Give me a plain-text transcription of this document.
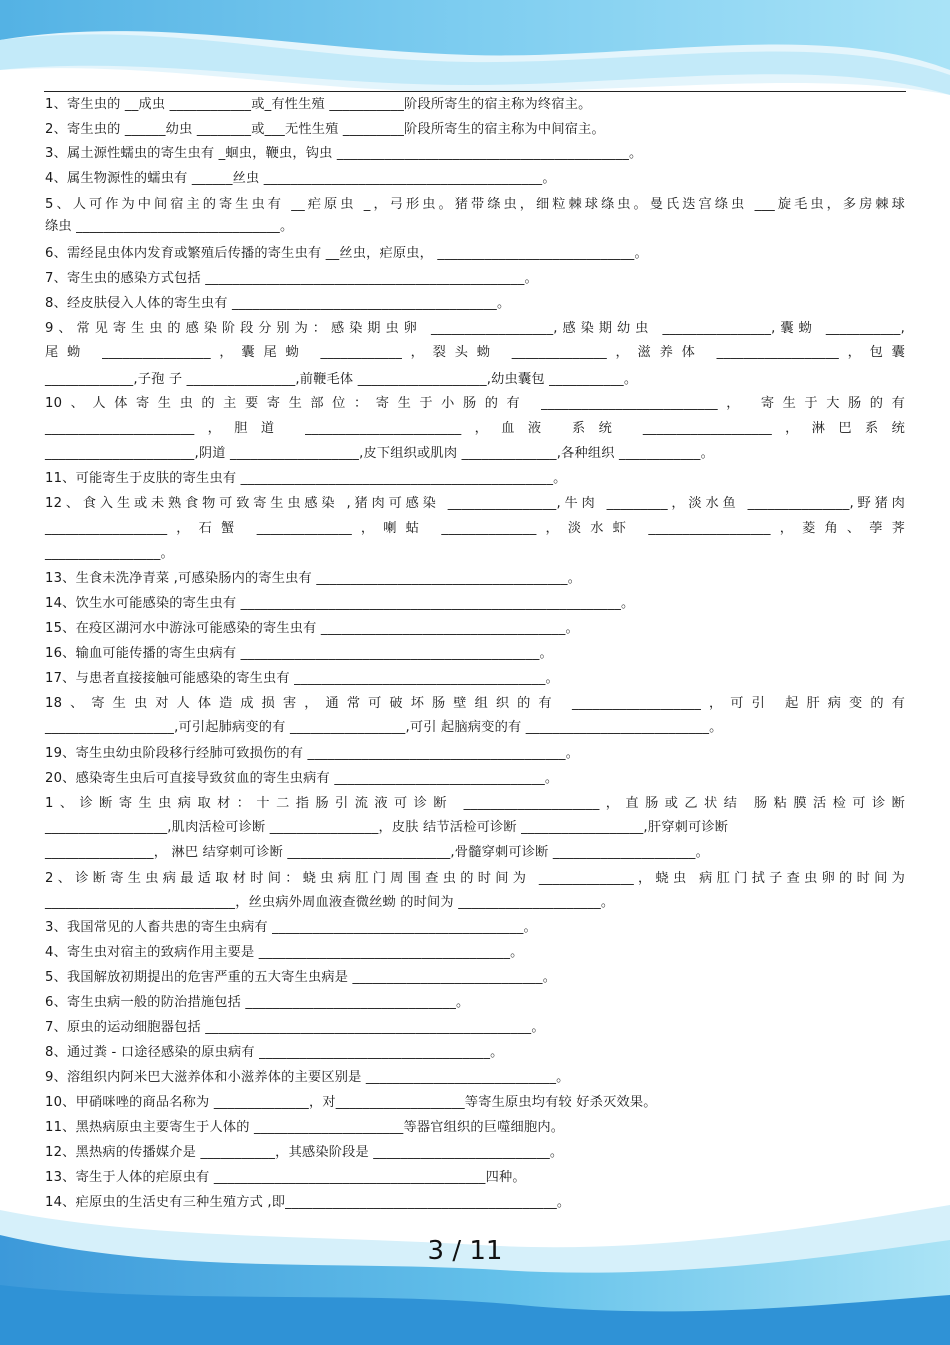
1、寄生虫的 __成虫 ____________或_有性生殖 ___________阶段所寄生的宿主称为终宿主。
2、寄生虫的 ______幼虫 ________或___无性生殖 _________阶段所寄生的宿主称为中间宿主。
3、属土源性蠕虫的寄生虫有 _蛔虫，鞭虫，钩虫 ___________________________________________。
4、属生物源性的蠕虫有 ______丝虫 _________________________________________。
5、人可作为中间宿主的寄生虫有 __疟原虫 _，弓形虫。猪带绦虫，细粒棘球绦虫。曼氏迭宫绦虫 ___旋毛虫，多房棘球
绦虫 ______________________________。
6、需经昆虫体内发育或繁殖后传播的寄生虫有 __丝虫，疟原虫， _____________________________。
7、寄生虫的感染方式包括 _______________________________________________。
8、经皮肤侵入人体的寄生虫有 _______________________________________。
9、常见寄生虫的感染阶段分别为：感染期虫卵 __________________,感染期幼虫 ________________,囊蚴 ___________,
尾蚴 ________________，囊尾蚴 ____________，裂头蚴 ______________，滋养体 __________________，包囊
_____________,子孢 子 ________________,前鞭毛体 ___________________,幼虫囊包 ___________。
10、人体寄生虫的主要寄生部位：寄生于小肠的有 __________________________， 寄生于大肠的有
______________________，胆道 _______________________，血液 系统 ___________________，淋巴系统
______________________,阴道 ___________________,皮下组织或肌肉 ______________,各种组织 ____________。
11、可能寄生于皮肤的寄生虫有 ______________________________________________。
12、食入生或未熟食物可致寄生虫感染 ,猪肉可感染 ________________,牛肉 _________，淡水鱼 _______________,野猪肉
__________________，石蟹 ______________，喇蛄 ______________，淡水虾 __________________，菱角、荸荠
_________________。
13、生食未洗净青菜 ,可感染肠内的寄生虫有 _____________________________________。
14、饮生水可能感染的寄生虫有 ________________________________________________________。
15、在疫区湖河水中游泳可能感染的寄生虫有 ____________________________________。
16、输血可能传播的寄生虫病有 ____________________________________________。
17、与患者直接接触可能感染的寄生虫有 _____________________________________。
18、寄生虫对人体造成损害，通常可破坏肠壁组织的有 ___________________，可引 起肝病变的有
___________________,可引起肺病变的有 _________________,可引 起脑病变的有 ___________________________。
19、寄生虫幼虫阶段移行经肺可致损伤的有 ______________________________________。
20、感染寄生虫后可直接导致贫血的寄生虫病有 _______________________________。
1、诊断寄生虫病取材：十二指肠引流液可诊断 ____________________，直肠或乙状结 肠粘膜活检可诊断
__________________,肌肉活检可诊断 ________________，皮肤 结节活检可诊断 __________________,肝穿刺可诊断
________________， 淋巴 结穿刺可诊断 ________________________,骨髓穿刺可诊断 _____________________。
2、诊断寄生虫病最适取材时间：蛲虫病肛门周围查虫的时间为 ______________，蛲虫 病肛门拭子查虫卵的时间为
____________________________，丝虫病外周血液查微丝蚴 的时间为 _____________________。
3、我国常见的人畜共患的寄生虫病有 _____________________________________。
4、寄生虫对宿主的致病作用主要是 _____________________________________。
5、我国解放初期提出的危害严重的五大寄生虫病是 ____________________________。
6、寄生虫病一般的防治措施包括 _______________________________。
7、原虫的运动细胞器包括 ________________________________________________。
8、通过粪 - 口途径感染的原虫病有 __________________________________。
9、溶组织内阿米巴大滋养体和小滋养体的主要区别是 ____________________________。
10、甲硝咪唑的商品名称为 ______________，对___________________等寄生原虫均有较 好杀灭效果。
11、黑热病原虫主要寄生于人体的 ______________________等器官组织的巨噬细胞内。
12、黑热病的传播媒介是 ___________，其感染阶段是 __________________________。
13、寄生于人体的疟原虫有 ________________________________________四种。
14、疟原虫的生活史有三种生殖方式 ,即________________________________________。
3 / 11
